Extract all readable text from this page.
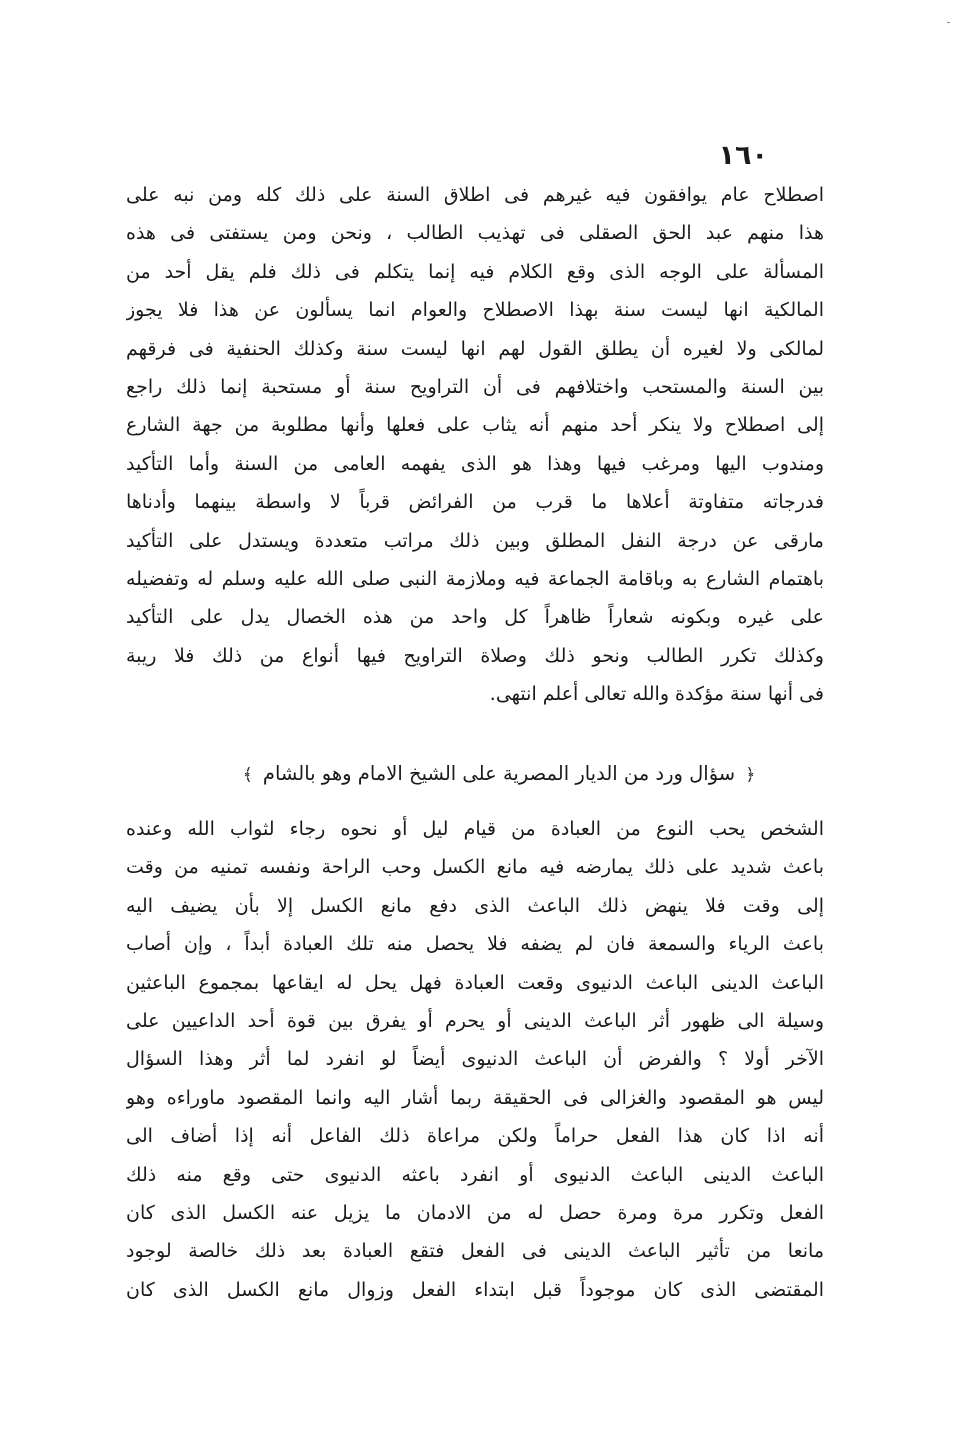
١٦٠
اصطلاح عام يوافقون فيه غيرهم فى اطلاق السنة على ذلك كله ومن نبه على
هذا منهم عبد الحق الصقلى فى تهذيب الطالب ، ونحن ومن يستفتى فى هذه
المسألة على الوجه الذى وقع الكلام فيه إنما يتكلم فى ذلك فلم يقل أحد من
المالكية انها ليست سنة بهذا الاصطلاح والعوام انما يسألون عن هذا فلا يجوز
لمالكى ولا لغيره أن يطلق القول لهم انها ليست سنة وكذلك الحنفية فى فرقهم
بين السنة والمستحب واختلافهم فى أن التراويح سنة أو مستحبة إنما ذلك راجع
إلى اصطلاح ولا ينكر أحد منهم أنه يثاب على فعلها وأنها مطلوبة من جهة الشارع
ومندوب اليها ومرغب فيها وهذا هو الذى يفهمه العامى من السنة وأما التأكيد
فدرجاته متفاوتة أعلاها ما قرب من الفرائض قرباً لا واسطة بينهما وأدناها
مارقى عن درجة النفل المطلق وبين ذلك مراتب متعددة ويستدل على التأكيد
باهتمام الشارع به وباقامة الجماعة فيه وملازمة النبى صلى الله عليه وسلم له وتفضيله
على غيره وبكونه شعاراً ظاهراً كل واحد من هذه الخصال يدل على التأكيد
وكذلك تكرر الطالب ونحو ذلك وصلاة التراويح فيها أنواع من ذلك فلا ريبة
فى أنها سنة مؤكدة والله تعالى أعلم انتهى.
﴿ سؤال ورد من الديار المصرية على الشيخ الامام وهو بالشام ﴾
الشخص يحب النوع من العبادة من قيام ليل أو نحوه رجاء لثواب الله وعنده
باعث شديد على ذلك يمارضه فيه مانع الكسل وحب الراحة ونفسه تمنيه من وقت
إلى وقت فلا ينهض ذلك الباعث الذى دفع مانع الكسل إلا بأن يضيف اليه
باعث الرياء والسمعة فان لم يضفه فلا يحصل منه تلك العبادة أبداً ، وإن أصاب
الباعث الدينى الباعث الدنيوى وقعت العبادة فهل يحل له ايقاعها بمجموع الباعثين
وسيلة الى ظهور أثر الباعث الدينى أو يحرم أو يفرق بين قوة أحد الداعيين على
الآخر أولا ؟ والفرض أن الباعث الدنيوى أيضاً لو انفرد لما أثر وهذا السؤال
ليس هو المقصود والغزالى فى الحقيقة ربما أشار اليه وانما المقصود ماوراءه وهو
أنه اذا كان هذا الفعل حراماً ولكن مراعاة ذلك الفاعل أنه إذا أضاف الى
الباعث الدينى الباعث الدنيوى أو انفرد باعثه الدنيوى حتى وقع منه ذلك
الفعل وتكرر مرة ومرة حصل له من الادمان ما يزيل عنه الكسل الذى كان
مانعا من تأثير الباعث الدينى فى الفعل فتقع العبادة بعد ذلك خالصة لوجود
المقتضى الذى كان موجوداً قبل ابتداء الفعل وزوال مانع الكسل الذى كان
